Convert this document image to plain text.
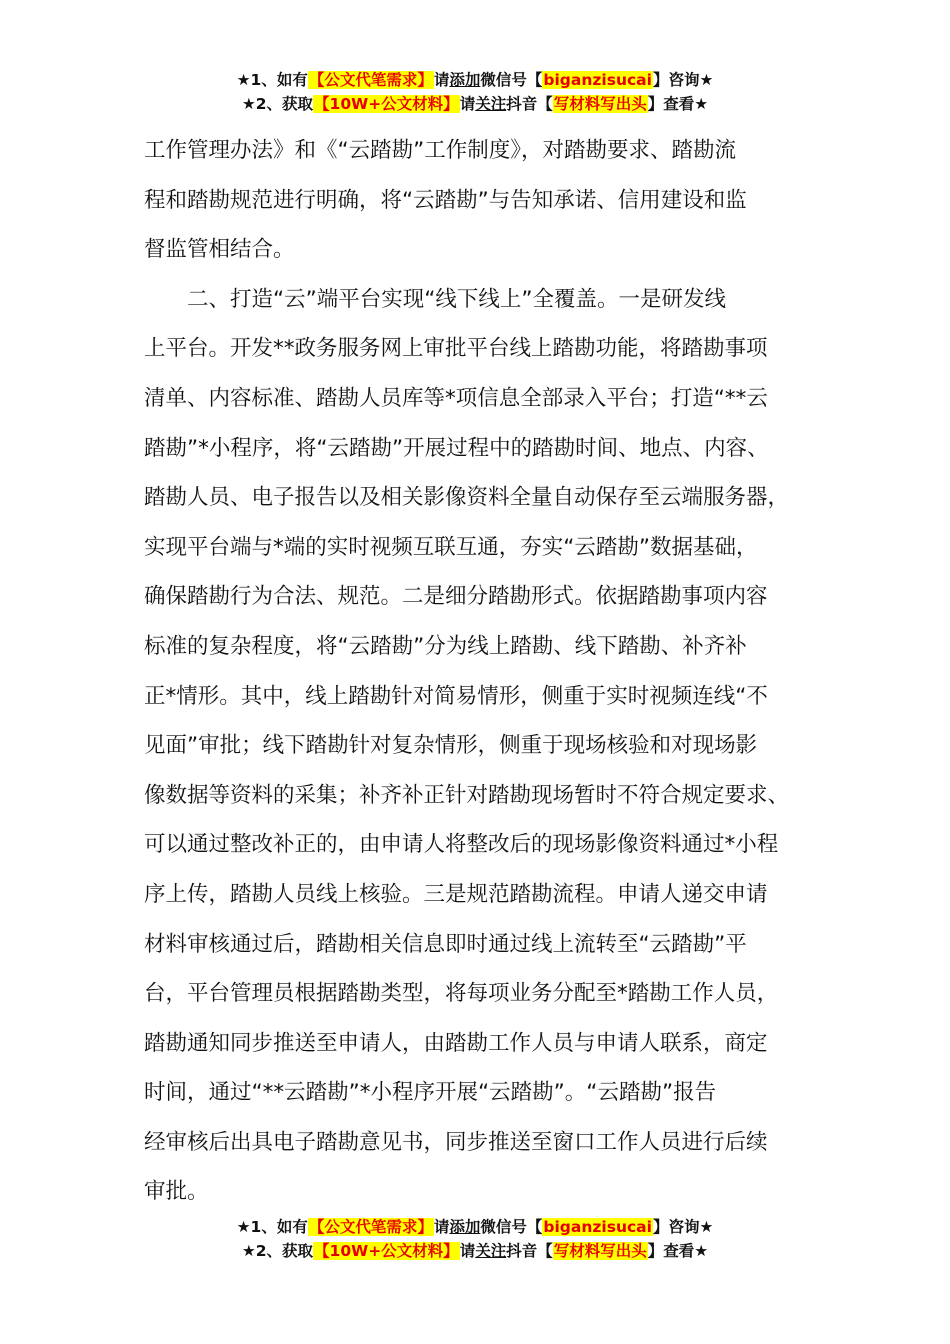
★1、如有【公文代笔需求】请添加微信号【biganzisucai】咨询★
★2、获取【10W+公文材料】请关注抖音【写材料写出头】查看★
工作管理办法》和《“云踏勘”工作制度》，对踏勘要求、踏勘流
程和踏勘规范进行明确，将“云踏勘”与告知承诺、信用建设和监
督监管相结合。
　　二、打造“云”端平台实现“线下线上”全覆盖。一是研发线
上平台。开发**政务服务网上审批平台线上踏勘功能，将踏勘事项
清单、内容标准、踏勘人员库等*项信息全部录入平台；打造“**云
踏勘”*小程序，将“云踏勘”开展过程中的踏勘时间、地点、内容、
踏勘人员、电子报告以及相关影像资料全量自动保存至云端服务器，
实现平台端与*端的实时视频互联互通，夯实“云踏勘”数据基础，
确保踏勘行为合法、规范。二是细分踏勘形式。依据踏勘事项内容
标准的复杂程度，将“云踏勘”分为线上踏勘、线下踏勘、补齐补
正*情形。其中，线上踏勘针对简易情形，侧重于实时视频连线“不
见面”审批；线下踏勘针对复杂情形，侧重于现场核验和对现场影
像数据等资料的采集；补齐补正针对踏勘现场暂时不符合规定要求、
可以通过整改补正的，由申请人将整改后的现场影像资料通过*小程
序上传，踏勘人员线上核验。三是规范踏勘流程。申请人递交申请
材料审核通过后，踏勘相关信息即时通过线上流转至“云踏勘”平
台，平台管理员根据踏勘类型，将每项业务分配至*踏勘工作人员，
踏勘通知同步推送至申请人，由踏勘工作人员与申请人联系，商定
时间，通过“**云踏勘”*小程序开展“云踏勘”。“云踏勘”报告
经审核后出具电子踏勘意见书，同步推送至窗口工作人员进行后续
审批。
★1、如有【公文代笔需求】请添加微信号【biganzisucai】咨询★
★2、获取【10W+公文材料】请关注抖音【写材料写出头】查看★
